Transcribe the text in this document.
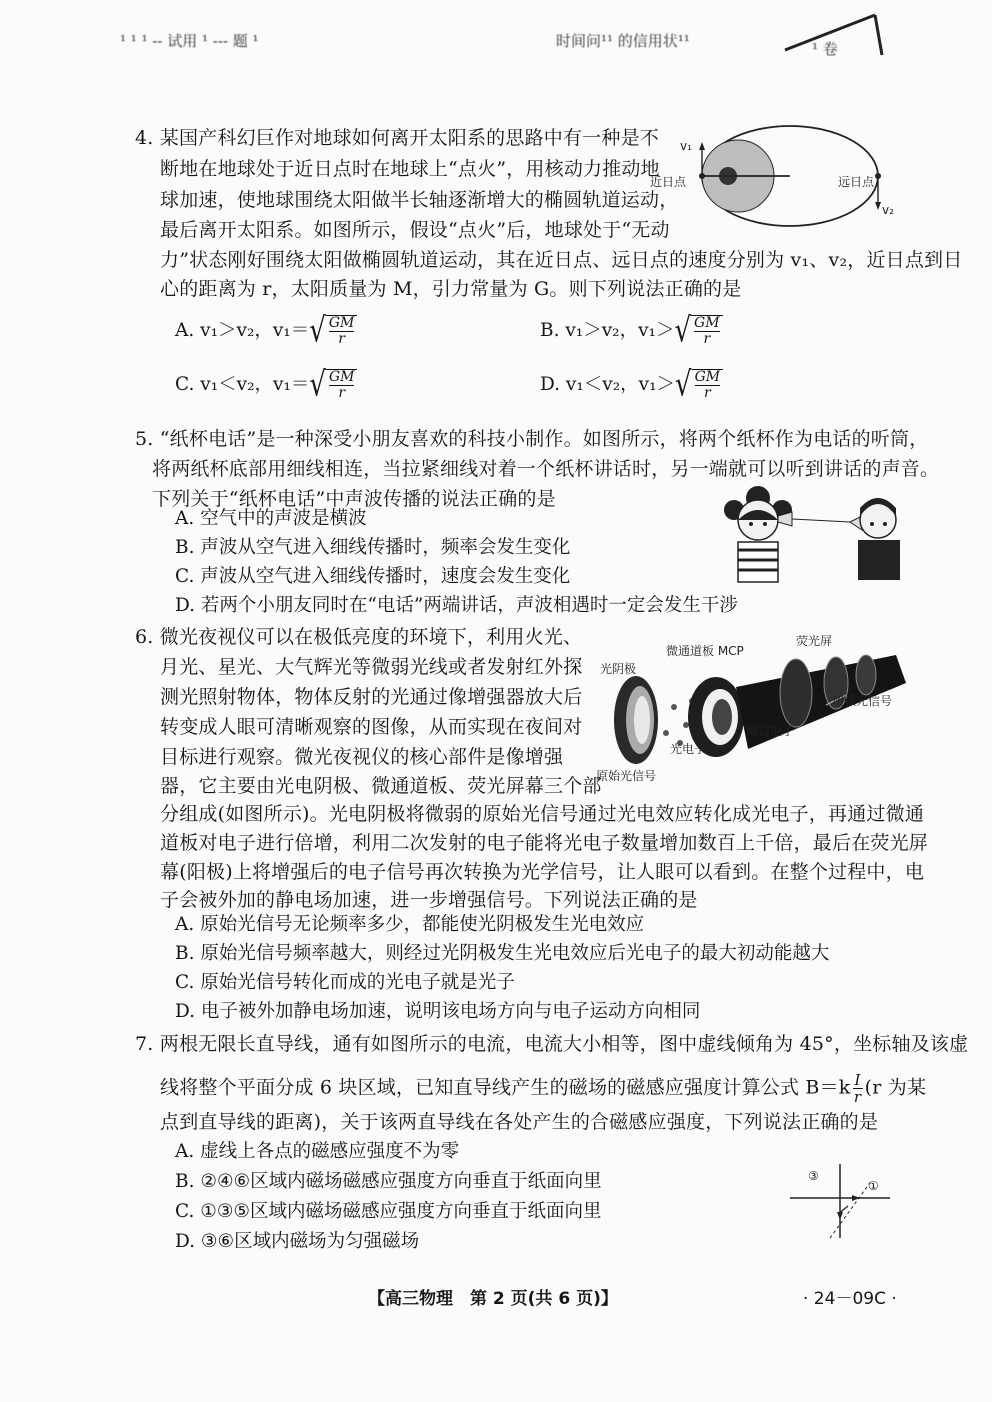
¹ ¹ ¹ -- 试用 ¹ --- 题 ¹	时间问¹¹ 的信用状¹¹	¹ 卷
4. 某国产科幻巨作对地球如何离开太阳系的思路中有一种是不
断地在地球处于近日点时在地球上“点火”，用核动力推动地
球加速，使地球围绕太阳做半长轴逐渐增大的椭圆轨道运动，
最后离开太阳系。如图所示，假设“点火”后，地球处于“无动
力”状态刚好围绕太阳做椭圆轨道运动，其在近日点、远日点的速度分别为 v₁、v₂，近日点到日
心的距离为 r，太阳质量为 M，引力常量为 G。则下列说法正确的是
近日点	远日点
v₁
v₂
A. v₁＞v₂，$v_1=√ \frac{GM}{r}$	B. v₁＞v₂，$v_1>√ \frac{GM}{r}$
C. v₁＜v₂，$v_1=√ \frac{GM}{r}$	D. v₁＜v₂，$v_1>√ \frac{GM}{r}$
5. “纸杯电话”是一种深受小朋友喜欢的科技小制作。如图所示，将两个纸杯作为电话的听筒，
将两纸杯底部用细线相连，当拉紧细线对着一个纸杯讲话时，另一端就可以听到讲话的声音。
下列关于“纸杯电话”中声波传播的说法正确的是
A. 空气中的声波是横波
B. 声波从空气进入细线传播时，频率会发生变化
C. 声波从空气进入细线传播时，速度会发生变化
D. 若两个小朋友同时在“电话”两端讲话，声波相遇时一定会发生干涉
6. 微光夜视仪可以在极低亮度的环境下，利用火光、
月光、星光、大气辉光等微弱光线或者发射红外探
测光照射物体，物体反射的光通过像增强器放大后
转变成人眼可清晰观察的图像，从而实现在夜间对
目标进行观察。微光夜视仪的核心部件是像增强
器，它主要由光电阴极、微通道板、荧光屏幕三个部
分组成(如图所示)。光电阴极将微弱的原始光信号通过光电效应转化成光电子，再通过微通
道板对电子进行倍增，利用二次发射的电子能将光电子数量增加数百上千倍，最后在荧光屏
幕(阳极)上将增强后的电子信号再次转换为光学信号，让人眼可以看到。在整个过程中，电
子会被外加的静电场加速，进一步增强信号。下列说法正确的是
光阴极
微通道板 MCP
荧光屏
增强光信号
增益电子
光电子
原始光信号
A. 原始光信号无论频率多少，都能使光阴极发生光电效应
B. 原始光信号频率越大，则经过光阴极发生光电效应后光电子的最大初动能越大
C. 原始光信号转化而成的光电子就是光子
D. 电子被外加静电场加速，说明该电场方向与电子运动方向相同
7. 两根无限长直导线，通有如图所示的电流，电流大小相等，图中虚线倾角为 45°，坐标轴及该虚
线将整个平面分成 6 块区域，已知直导线产生的磁场的磁感应强度计算公式 $B=k \frac{I}{r} (r$ 为某
点到直导线的距离)，关于该两直导线在各处产生的合磁感应强度，下列说法正确的是
A. 虚线上各点的磁感应强度不为零
B. ②④⑥区域内磁场磁感应强度方向垂直于纸面向里
C. ①③⑤区域内磁场磁感应强度方向垂直于纸面向里
D. ③⑥区域内磁场为匀强磁场
③
①
【高三物理　第 2 页(共 6 页)】	· 24－09C ·
